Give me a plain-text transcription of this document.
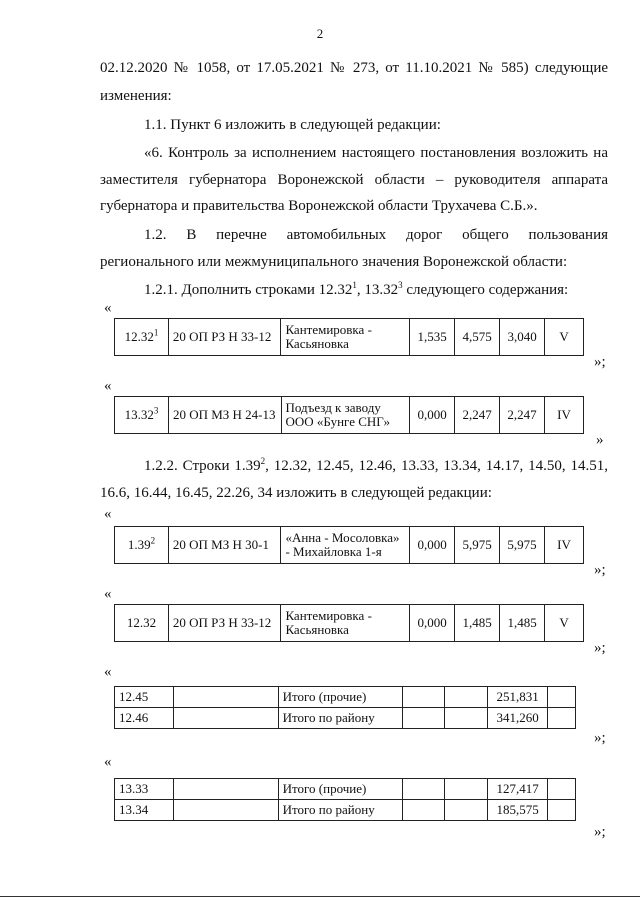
2
02.12.2020 № 1058, от 17.05.2021 № 273, от 11.10.2021 № 585) следующие
изменения:
1.1. Пункт 6 изложить в следующей редакции:
«6. Контроль за исполнением настоящего постановления возложить на
заместителя губернатора Воронежской области – руководителя аппарата
губернатора и правительства Воронежской области Трухачева С.Б.».
1.2. В перечне автомобильных дорог общего пользования
регионального или межмуниципального значения Воронежской области:
1.2.1. Дополнить строками 12.32$^1$, 13.32$^3$ следующего содержания:
«
12.32$^1$	20 ОП РЗ Н 33-12	Кантемировка -
Касьяновка	1,535	4,575	3,040	V
»;
«
13.32$^3$	20 ОП МЗ Н 24-13	Подъезд к заводу
ООО «Бунге СНГ»	0,000	2,247	2,247	IV
»
1.2.2. Строки 1.39$^2$, 12.32, 12.45, 12.46, 13.33, 13.34, 14.17, 14.50, 14.51,
16.6, 16.44, 16.45, 22.26, 34 изложить в следующей редакции:
«
1.39$^2$	20 ОП МЗ Н 30-1	«Анна - Мосоловка»
- Михайловка 1-я	0,000	5,975	5,975	IV
»;
«
12.32	20 ОП РЗ Н 33-12	Кантемировка -
Касьяновка	0,000	1,485	1,485	V
»;
«
12.45		Итого (прочие)			251,831	
12.46		Итого по району			341,260	
»;
«
13.33		Итого (прочие)			127,417	
13.34		Итого по району			185,575	
»;
